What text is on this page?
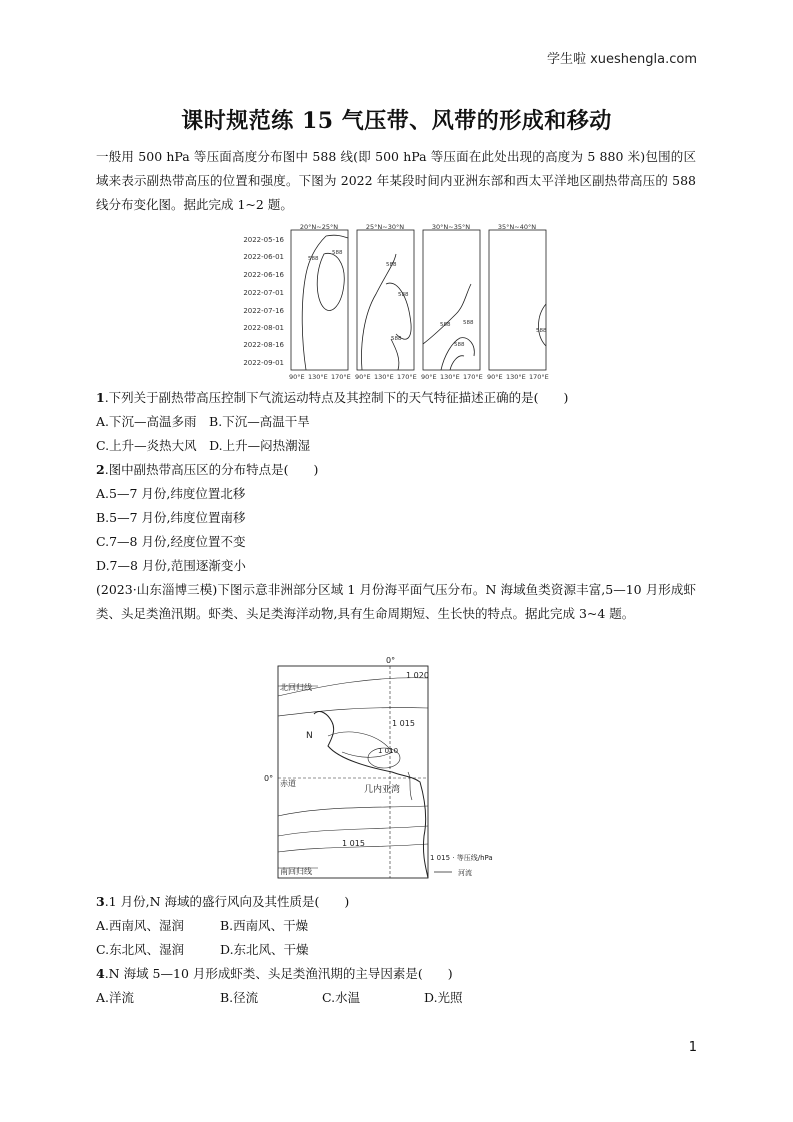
学生啦 xueshengla.com
课时规范练 15 气压带、风带的形成和移动
一般用 500 hPa 等压面高度分布图中 588 线(即 500 hPa 等压面在此处出现的高度为 5 880 米)包围的区域来表示副热带高压的位置和强度。下图为 2022 年某段时间内亚洲东部和西太平洋地区副热带高压的 588 线分布变化图。据此完成 1~2 题。
2022-05-16
2022-06-01
2022-06-16
2022-07-01
2022-07-16
2022-08-01
2022-08-16
2022-09-01
20°N~25°N	25°N~30°N	30°N~35°N	35°N~40°N
90°E 130°E 170°E 90°E 130°E 170°E 90°E 130°E 170°E 90°E 130°E 170°E
588
588
588
588
588
588 588
588
588
1.下列关于副热带高压控制下气流运动特点及其控制下的天气特征描述正确的是(　　)
A.下沉—高温多雨　 B.下沉—高温干旱
C.上升—炎热大风　 D.上升—闷热潮湿
2.图中副热带高压区的分布特点是(　　)
A.5—7 月份,纬度位置北移
B.5—7 月份,纬度位置南移
C.7—8 月份,经度位置不变
D.7—8 月份,范围逐渐变小
(2023·山东淄博三模)下图示意非洲部分区域 1 月份海平面气压分布。N 海域鱼类资源丰富,5—10 月形成虾类、头足类渔汛期。虾类、头足类海洋动物,具有生命周期短、生长快的特点。据此完成 3~4 题。
0°
0°
北回归线
赤道
南回归线
几内亚湾
N
1 020
1 015
1 010
1 015
1 015 · 等压线/hPa
河流
3.1 月份,N 海域的盛行风向及其性质是(　　)
A.西南风、湿润	B.西南风、干燥
C.东北风、湿润	D.东北风、干燥
4.N 海域 5—10 月形成虾类、头足类渔汛期的主导因素是(　　)
A.洋流	B.径流	C.水温	D.光照
1
